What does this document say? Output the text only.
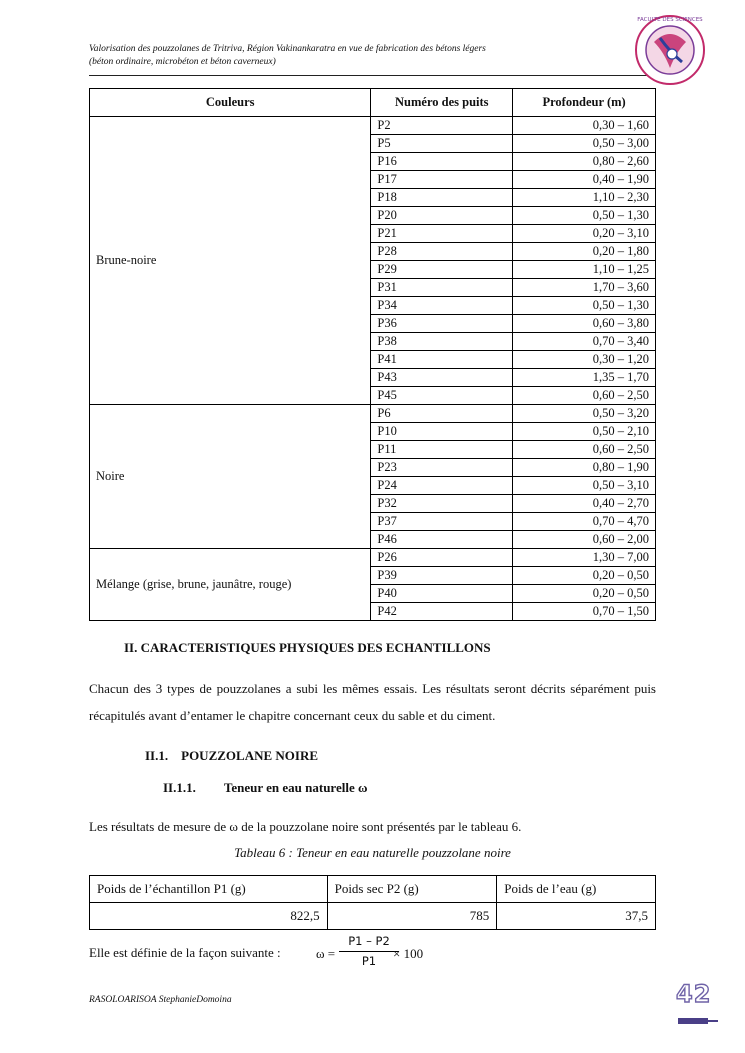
Valorisation des pouzzolanes de Tritriva, Région Vakinankaratra en vue de fabrication des bétons légers
(béton ordinaire, microbéton et béton caverneux)
FACULTE DES SCIENCES
Couleurs	Numéro des puits	Profondeur (m)
Brune-noire	P2	0,30 – 1,60
	P5	0,50 – 3,00
	P16	0,80 – 2,60
	P17	0,40 – 1,90
	P18	1,10 – 2,30
	P20	0,50 – 1,30
	P21	0,20 – 3,10
	P28	0,20 – 1,80
	P29	1,10 – 1,25
	P31	1,70 – 3,60
	P34	0,50 – 1,30
	P36	0,60 – 3,80
	P38	0,70 – 3,40
	P41	0,30 – 1,20
	P43	1,35 – 1,70
	P45	0,60 – 2,50
Noire	P6	0,50 – 3,20
	P10	0,50 – 2,10
	P11	0,60 – 2,50
	P23	0,80 – 1,90
	P24	0,50 – 3,10
	P32	0,40 – 2,70
	P37	0,70 – 4,70
	P46	0,60 – 2,00
Mélange (grise, brune, jaunâtre, rouge)	P26	1,30 – 7,00
	P39	0,20 – 0,50
	P40	0,20 – 0,50
	P42	0,70 – 1,50
II. CARACTERISTIQUES PHYSIQUES DES ECHANTILLONS
Chacun des 3 types de pouzzolanes a subi les mêmes essais. Les résultats seront décrits séparément puis récapitulés avant d’entamer le chapitre concernant ceux du sable et du ciment.
II.1. POUZZOLANE NOIRE
II.1.1. Teneur en eau naturelle ω
Les résultats de mesure de ω de la pouzzolane noire sont présentés par le tableau 6.
Tableau 6 : Teneur en eau naturelle pouzzolane noire
Poids de l’échantillon P1 (g)	Poids sec P2 (g)	Poids de l’eau (g)
822,5	785	37,5
Elle est définie de la façon suivante :	ω =
P1 – P2
P1	× 100
RASOLOARISOA StephanieDomoina	42
